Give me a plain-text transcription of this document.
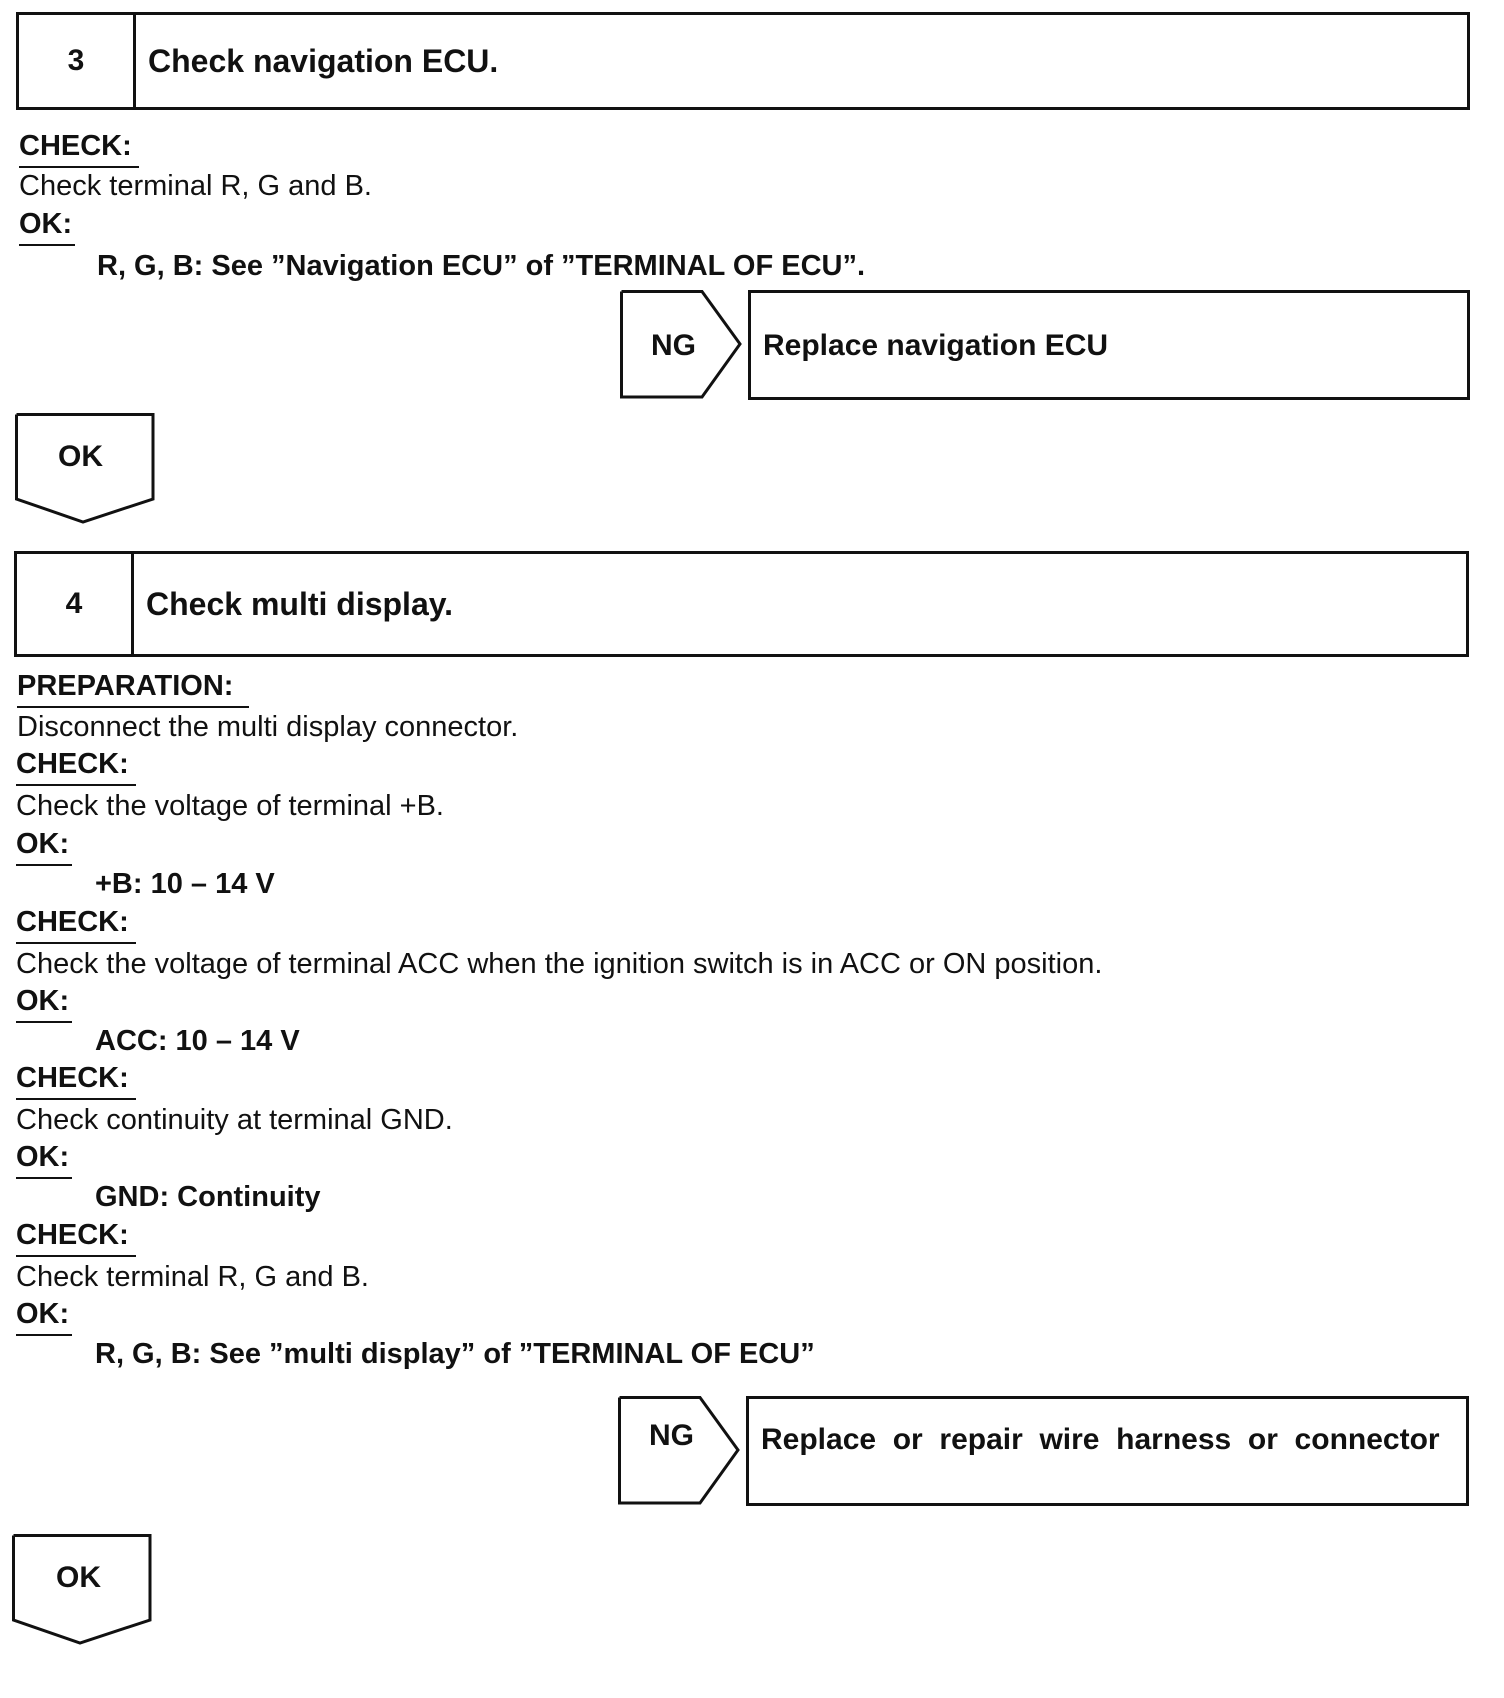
3	Check navigation ECU.
CHECK:
Check terminal R, G and B.
OK:
R, G, B: See ”Navigation ECU” of ”TERMINAL OF ECU”.
NG Replace navigation ECU
OK
4	Check multi display.
PREPARATION:
Disconnect the multi display connector.
CHECK:
Check the voltage of terminal +B.
OK:
+B: 10 – 14 V
CHECK:
Check the voltage of terminal ACC when the ignition switch is in ACC or ON position.
OK:
ACC: 10 – 14 V
CHECK:
Check continuity at terminal GND.
OK:
GND: Continuity
CHECK:
Check terminal R, G and B.
OK:
R, G, B: See ”multi display” of ”TERMINAL OF ECU”
NG Replace  or  repair  wire  harness  or  connector
OK
